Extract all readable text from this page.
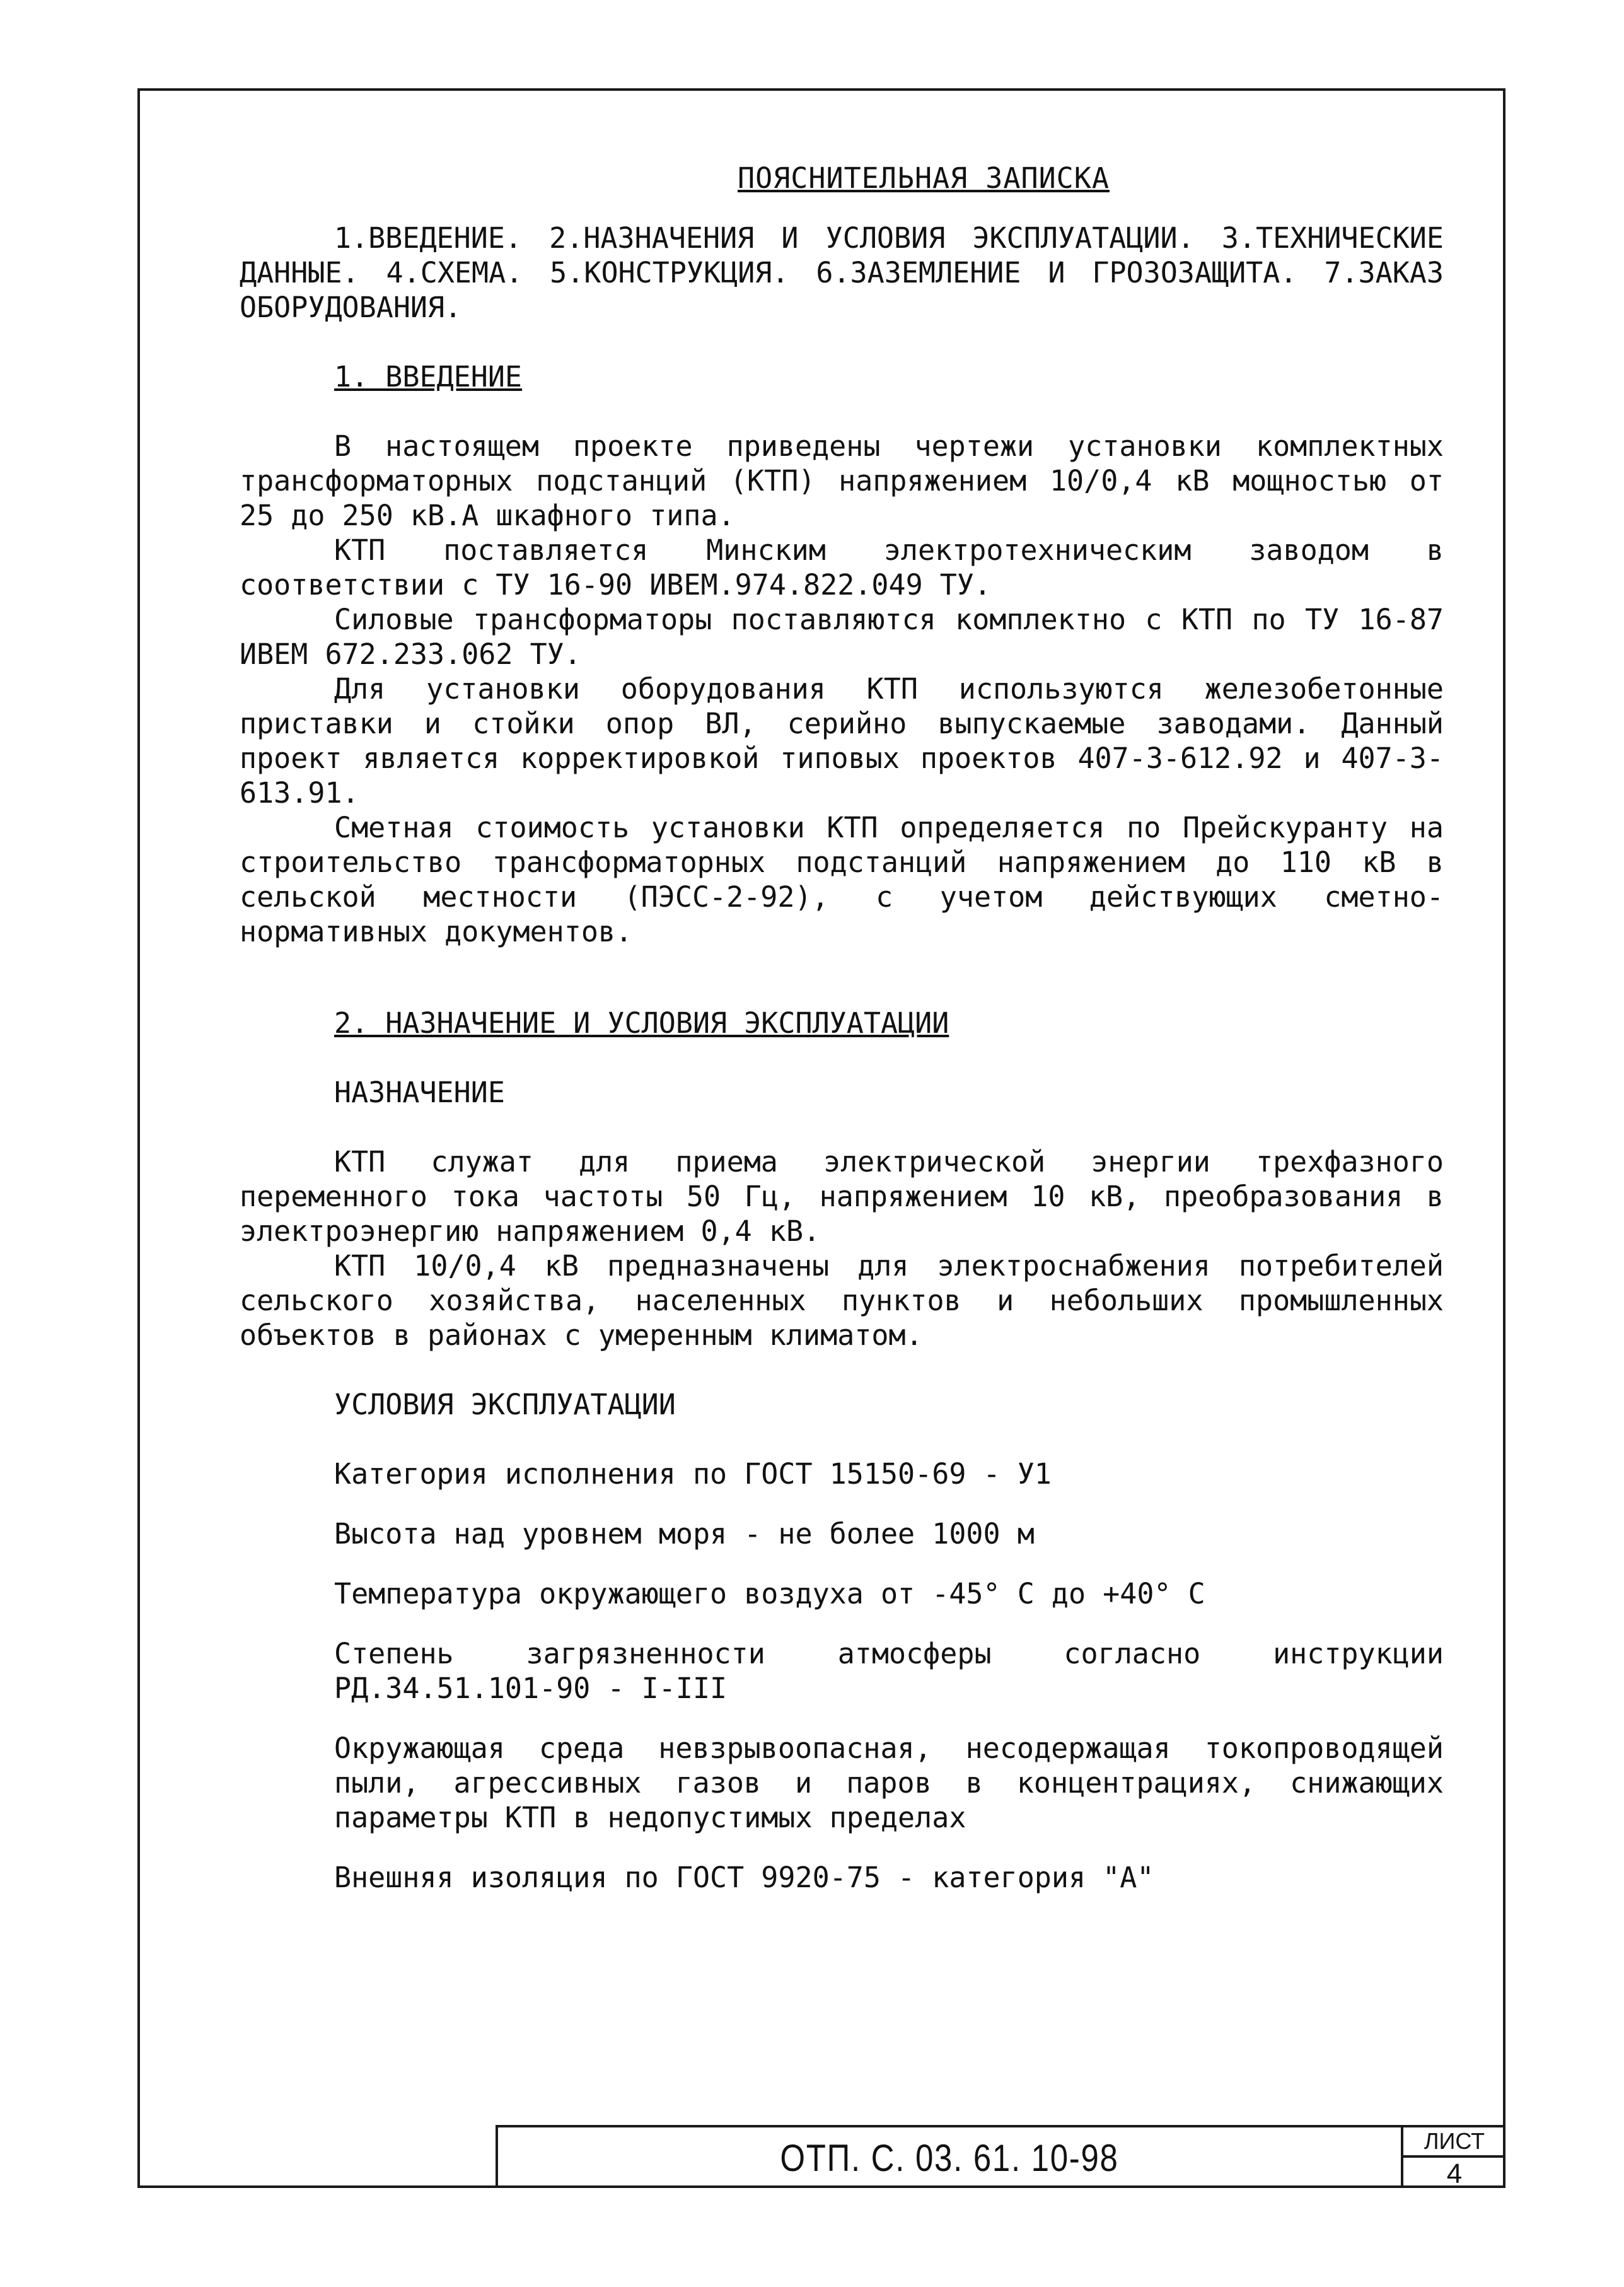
ПОЯСНИТЕЛЬНАЯ ЗАПИСКА

1.ВВЕДЕНИЕ. 2.НАЗНАЧЕНИЯ И УСЛОВИЯ ЭКСПЛУАТАЦИИ. 3.ТЕХНИЧЕСКИЕ ДАННЫЕ. 4.СХЕМА. 5.КОНСТРУКЦИЯ. 6.ЗАЗЕМЛЕНИЕ И ГРОЗОЗАЩИТА. 7.ЗАКАЗ ОБОРУДОВАНИЯ.

1. ВВЕДЕНИЕ

В настоящем проекте приведены чертежи установки комплектных трансформаторных подстанций (КТП) напряжением 10/0,4 кВ мощностью от 25 до 250 кВ.А шкафного типа.

КТП поставляется Минским электротехническим заводом в соответствии с ТУ 16-90 ИВЕМ.974.822.049 ТУ.

Силовые трансформаторы поставляются комплектно с КТП по ТУ 16-87 ИВЕМ 672.233.062 ТУ.

Для установки оборудования КТП используются железобетонные приставки и стойки опор ВЛ, серийно выпускаемые заводами. Данный проект является корректировкой типовых проектов 407-3-612.92 и 407-3-613.91.

Сметная стоимость установки КТП определяется по Прейскуранту на строительство трансформаторных подстанций напряжением до 110 кВ в сельской местности (ПЭСС-2-92), с учетом действующих сметно-нормативных документов.

2. НАЗНАЧЕНИЕ И УСЛОВИЯ ЭКСПЛУАТАЦИИ
НАЗНАЧЕНИЕ

КТП служат для приема электрической энергии трехфазного переменного тока частоты 50 Гц, напряжением 10 кВ, преобразования в электроэнергию напряжением 0,4 кВ.

КТП 10/0,4 кВ предназначены для электроснабжения потребителей сельского хозяйства, населенных пунктов и небольших промышленных объектов в районах с умеренным климатом.

УСЛОВИЯ ЭКСПЛУАТАЦИИ

Категория исполнения по ГОСТ 15150-69 - У1

Высота над уровнем моря - не более 1000 м

Температура окружающего воздуха от -45° С до +40° С

Степень загрязненности атмосферы согласно инструкции РД.34.51.101-90 - I-III

Окружающая среда невзрывоопасная, несодержащая токопроводящей пыли, агрессивных газов и паров в концентрациях, снижающих параметры КТП в недопустимых пределах

Внешняя изоляция по ГОСТ 9920-75 - категория "А"

ОТП. С. 03. 61. 10-98	ЛИСТ
4
